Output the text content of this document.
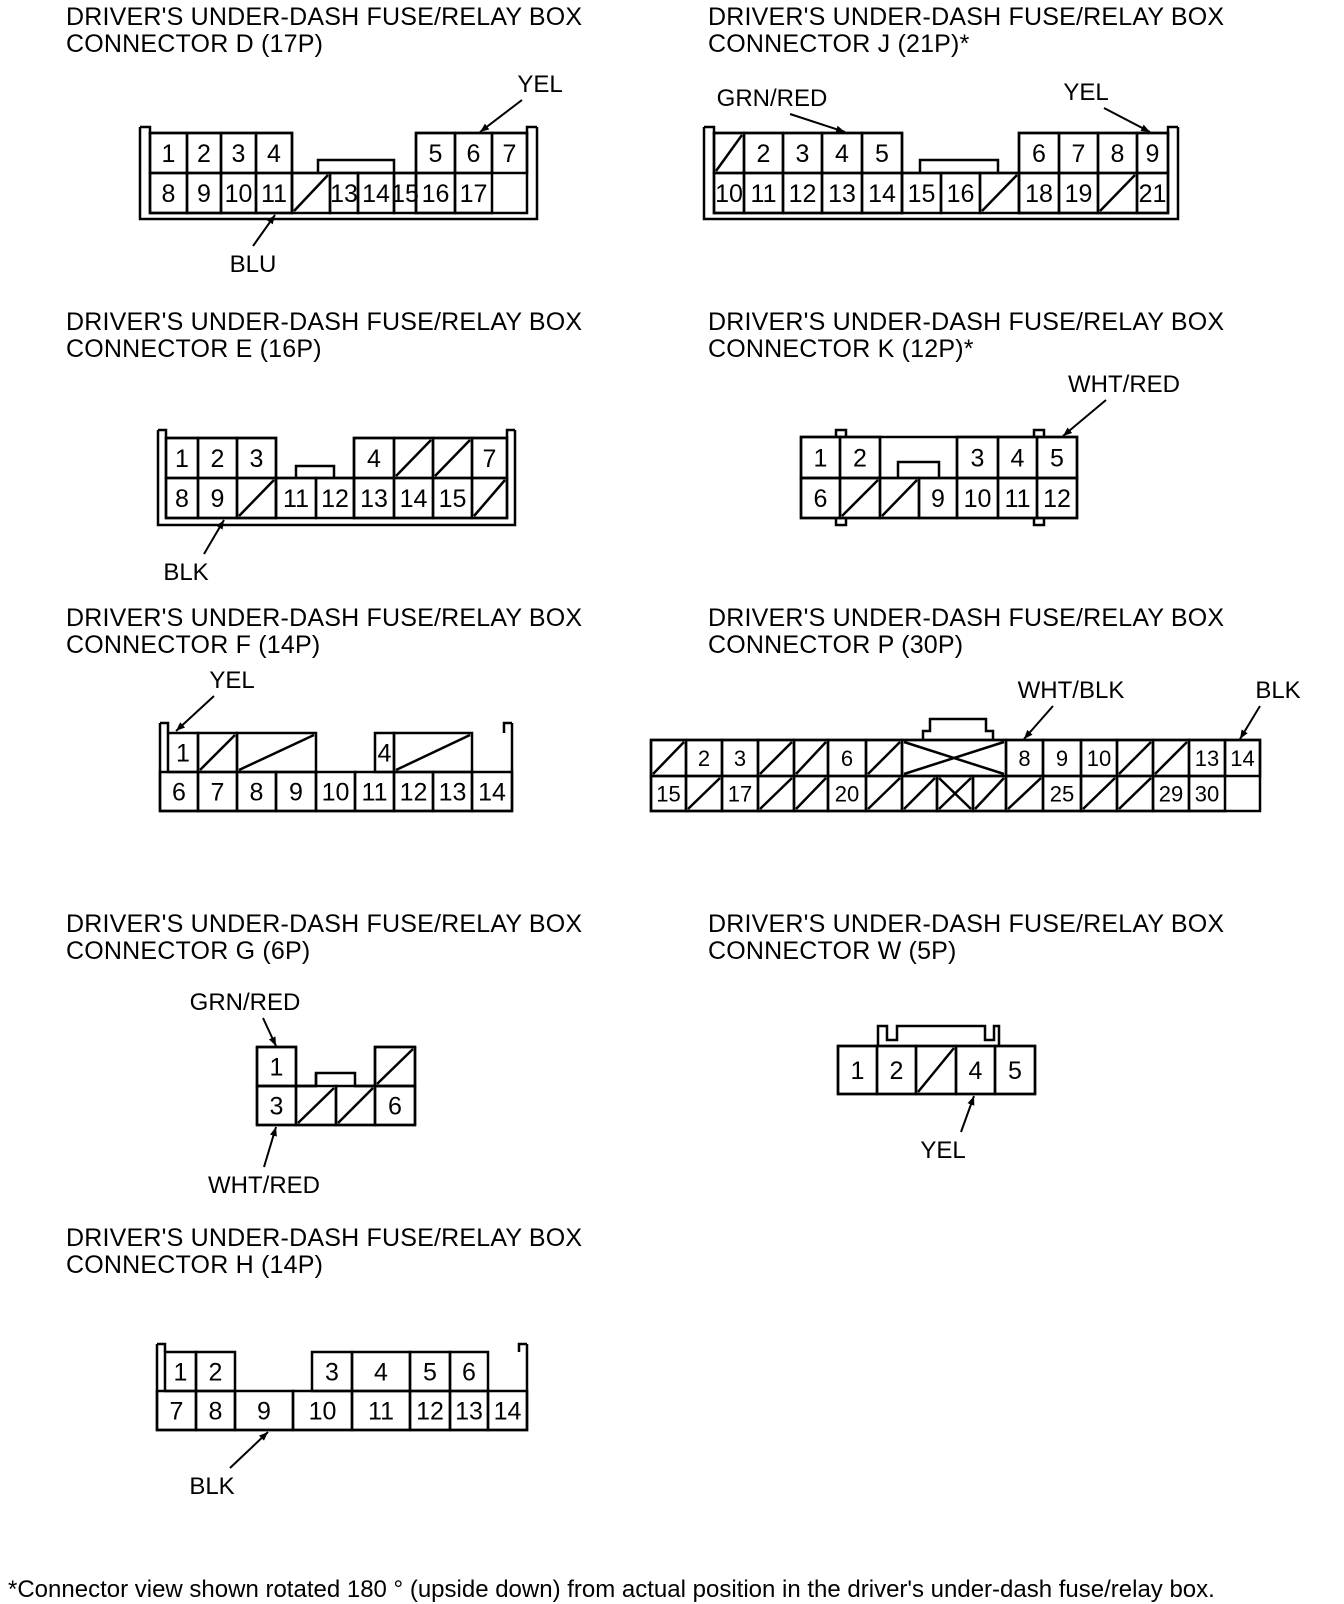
DRIVER'S UNDER-DASH FUSE/RELAY BOX
CONNECTOR D (17P)
DRIVER'S UNDER-DASH FUSE/RELAY BOX
CONNECTOR J (21P)*
DRIVER'S UNDER-DASH FUSE/RELAY BOX
CONNECTOR E (16P)
DRIVER'S UNDER-DASH FUSE/RELAY BOX
CONNECTOR K (12P)*
DRIVER'S UNDER-DASH FUSE/RELAY BOX
CONNECTOR F (14P)
DRIVER'S UNDER-DASH FUSE/RELAY BOX
CONNECTOR P (30P)
DRIVER'S UNDER-DASH FUSE/RELAY BOX
CONNECTOR G (6P)
DRIVER'S UNDER-DASH FUSE/RELAY BOX
CONNECTOR W (5P)
DRIVER'S UNDER-DASH FUSE/RELAY BOX
CONNECTOR H (14P)
1 2 3 4	5 6 7
8 9 10 11 13 14 15 16 17
2 3 4 5	6 7 8 9
10 11 12 13 14 15 16 18 19 21
1 2 3	4	7
8 9 11 12 13 14 15
1 2	3 4 5
6	9 10 11 12
1	4
6 7 8 9 10 11 12 13 14
2 3	6	8 9 10	13 14
15 17	20	25	29 30
1
3	6
1 2	4 5
1 2	3 4 5 6
7 8 9 10 11 12 13 14
YEL
BLU
GRN/RED	YEL
BLK
WHT/RED
YEL	WHT/BLK	BLK
GRN/RED
WHT/RED
YEL
BLK
*Connector view shown rotated 180 ° (upside down) from actual position in the driver's under-dash fuse/relay box.
